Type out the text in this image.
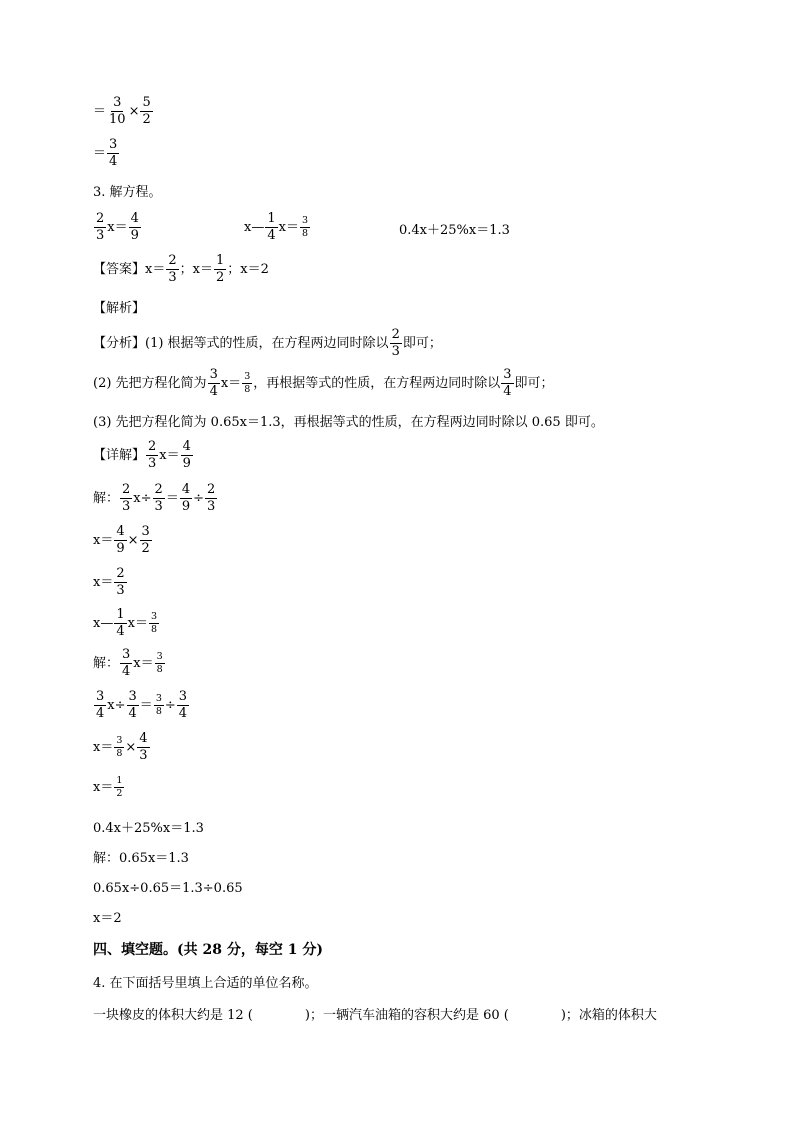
＝ $\frac{3}{10} \times \frac{5}{2}$
＝ $\frac{3}{4}$
3. 解方程。
$\frac{2}{3} x= \frac{4}{9}$	x— $\frac{1}{4} x= \frac{3}{8}$	0.4x＋25%x＝1.3
【答案】 $x= \frac{2}{3}$ ；$x= \frac{1}{2}$ ；x＝2
【解析】
【分析】(1) 根据等式的性质，在方程两边同时除以 $\frac{2}{3}$ 即可；
(2) 先把方程化简为 $\frac{3}{4} x= \frac{3}{8}$ ，再根据等式的性质，在方程两边同时除以 $\frac{3}{4}$ 即可；
(3) 先把方程化简为 0.65x＝1.3，再根据等式的性质，在方程两边同时除以 0.65 即可。
【详解】 $\frac{2}{3} x= \frac{4}{9}$
解： $\frac{2}{3} x\div \frac{2}{3} = \frac{4}{9} \div \frac{2}{3}$
$x= \frac{4}{9} \times \frac{3}{2}$
$x= \frac{2}{3}$
x— $\frac{1}{4} x= \frac{3}{8}$
解： $\frac{3}{4} x= \frac{3}{8}$
$\frac{3}{4} x\div \frac{3}{4} = \frac{3}{8} \div \frac{3}{4}$
$x= \frac{3}{8} \times \frac{4}{3}$
$x= \frac{1}{2}$
0.4x＋25%x＝1.3
解：0.65x＝1.3
0.65x÷0.65＝1.3÷0.65
x＝2
四、填空题。(共 28 分，每空 1 分)
4. 在下面括号里填上合适的单位名称。
一块橡皮的体积大约是 12 (　　　　)；一辆汽车油箱的容积大约是 60 (　　　　)；冰箱的体积大
